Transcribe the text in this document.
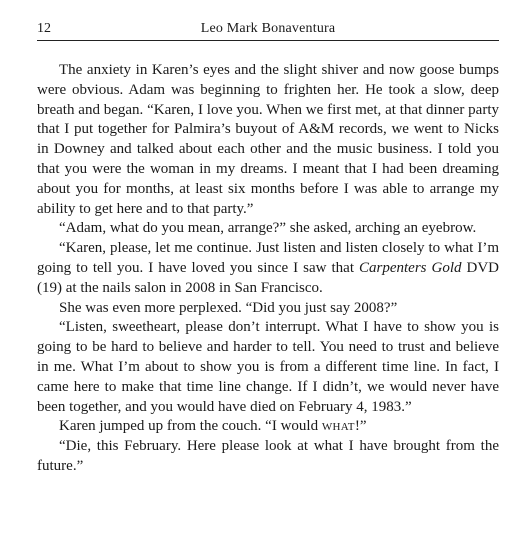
12	Leo Mark Bonaventura

The anxiety in Karen’s eyes and the slight shiver and now goose bumps were obvious. Adam was beginning to frighten her. He took a slow, deep breath and began. “Karen, I love you. When we first met, at that dinner party that I put together for Palmira’s buyout of A&M records, we went to Nicks in Downey and talked about each other and the music business. I told you that you were the woman in my dreams. I meant that I had been dreaming about you for months, at least six months before I was able to arrange my ability to get here and to that party.”

“Adam, what do you mean, arrange?” she asked, arching an eyebrow.

“Karen, please, let me continue. Just listen and listen closely to what I’m going to tell you. I have loved you since I saw that Carpenters Gold DVD (19) at the nails salon in 2008 in San Francisco.

She was even more perplexed. “Did you just say 2008?”

“Listen, sweetheart, please don’t interrupt. What I have to show you is going to be hard to believe and harder to tell. You need to trust and believe in me. What I’m about to show you is from a different time line. In fact, I came here to make that time line change. If I didn’t, we would never have been together, and you would have died on February 4, 1983.”

Karen jumped up from the couch. “I would what!”

“Die, this February. Here please look at what I have brought from the future.”
